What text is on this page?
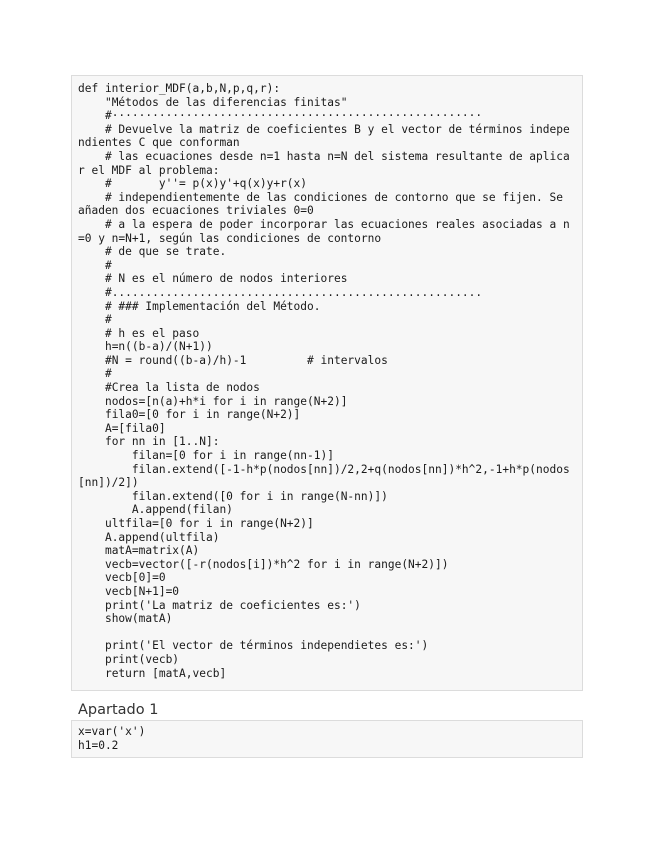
def interior_MDF(a,b,N,p,q,r):
"Métodos de las diferencias finitas"
#·······················································
# Devuelve la matriz de coeficientes B y el vector de términos independientes C que conforman
# las ecuaciones desde n=1 hasta n=N del sistema resultante de aplicar el MDF al problema:
#       y''= p(x)y'+q(x)y+r(x)
# independientemente de las condiciones de contorno que se fijen. Se añaden dos ecuaciones triviales 0=0
# a la espera de poder incorporar las ecuaciones reales asociadas a n=0 y n=N+1, según las condiciones de contorno
# de que se trate.
#
# N es el número de nodos interiores
#.......................................................
# ### Implementación del Método.
#
# h es el paso
h=n((b-a)/(N+1))
#N = round((b-a)/h)-1         # intervalos
#
#Crea la lista de nodos
nodos=[n(a)+h*i for i in range(N+2)]
fila0=[0 for i in range(N+2)]
A=[fila0]
for nn in [1..N]:
filan=[0 for i in range(nn-1)]
filan.extend([-1-h*p(nodos[nn])/2,2+q(nodos[nn])*h^2,-1+h*p(nodos[nn])/2])
filan.extend([0 for i in range(N-nn)])
A.append(filan)
ultfila=[0 for i in range(N+2)]
A.append(ultfila)
matA=matrix(A)
vecb=vector([-r(nodos[i])*h^2 for i in range(N+2)])
vecb[0]=0
vecb[N+1]=0
print('La matriz de coeficientes es:')
show(matA)

print('El vector de términos independietes es:')
print(vecb)
return [matA,vecb]
Apartado 1
x=var('x')
h1=0.2
